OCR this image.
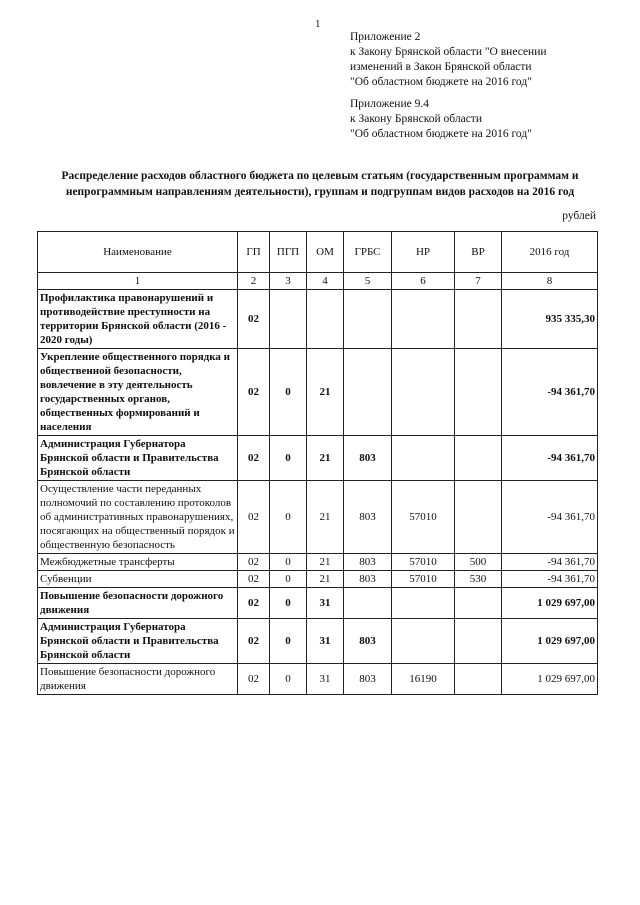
1
Приложение 2
к Закону Брянской области "О внесении
изменений в Закон Брянской области
"Об областном бюджете на 2016 год"
Приложение 9.4
к Закону Брянской области
"Об областном бюджете на 2016 год"
Распределение расходов областного бюджета по целевым статьям (государственным программам и
непрограммным направлениям деятельности), группам и подгруппам видов расходов на 2016 год
рублей
Наименование	ГП	ПГП	ОМ	ГРБС	НР	ВР	2016 год
1	2	3	4	5	6	7	8
Профилактика правонарушений и противодействие преступности на территории Брянской области (2016 - 2020 годы)	02						935 335,30
Укрепление общественного порядка и общественной безопасности, вовлечение в эту деятельность государственных органов, общественных формирований и населения	02	0	21				-94 361,70
Администрация Губернатора Брянской области и Правительства Брянской области	02	0	21	803			-94 361,70
Осуществление части переданных полномочий по составлению протоколов об административных правонарушениях, посягающих на общественный порядок и общественную безопасность	02	0	21	803	57010		-94 361,70
Межбюджетные трансферты	02	0	21	803	57010	500	-94 361,70
Субвенции	02	0	21	803	57010	530	-94 361,70
Повышение безопасности дорожного движения	02	0	31				1 029 697,00
Администрация Губернатора Брянской области и Правительства Брянской области	02	0	31	803			1 029 697,00
Повышение безопасности дорожного движения	02	0	31	803	16190		1 029 697,00
